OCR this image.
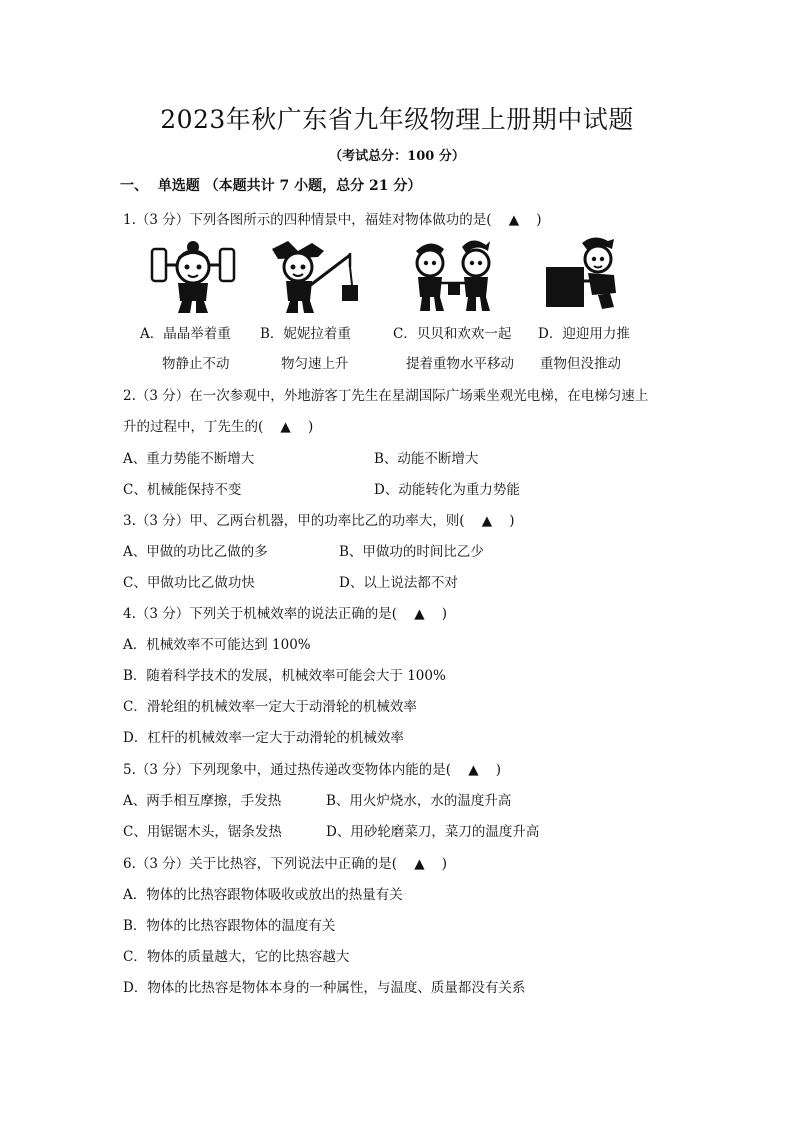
2023年秋广东省九年级物理上册期中试题
（考试总分：100 分）
一、  单选题 （本题共计 7 小题，总分 21 分）
1.（3 分）下列各图所示的四种情景中，福娃对物体做功的是(    ▲    )
A．晶晶举着重
物静止不动
B．妮妮拉着重
物匀速上升
C．贝贝和欢欢一起
提着重物水平移动
D．迎迎用力推
重物但没推动
2.（3 分）在一次参观中，外地游客丁先生在星湖国际广场乘坐观光电梯，在电梯匀速上
升的过程中，丁先生的(    ▲    )
A、重力势能不断增大	B、动能不断增大
C、机械能保持不变	D、动能转化为重力势能
3.（3 分）甲、乙两台机器，甲的功率比乙的功率大，则(    ▲    )
A、甲做的功比乙做的多	B、甲做功的时间比乙少
C、甲做功比乙做功快	D、以上说法都不对
4.（3 分）下列关于机械效率的说法正确的是(    ▲    )
A．机械效率不可能达到 100%
B．随着科学技术的发展，机械效率可能会大于 100%
C．滑轮组的机械效率一定大于动滑轮的机械效率
D．杠杆的机械效率一定大于动滑轮的机械效率
5.（3 分）下列现象中，通过热传递改变物体内能的是(    ▲    )
A、两手相互摩擦，手发热	B、用火炉烧水，水的温度升高
C、用锯锯木头，锯条发热	D、用砂轮磨菜刀，菜刀的温度升高
6.（3 分）关于比热容，下列说法中正确的是(    ▲    )
A．物体的比热容跟物体吸收或放出的热量有关
B．物体的比热容跟物体的温度有关
C．物体的质量越大，它的比热容越大
D．物体的比热容是物体本身的一种属性，与温度、质量都没有关系
